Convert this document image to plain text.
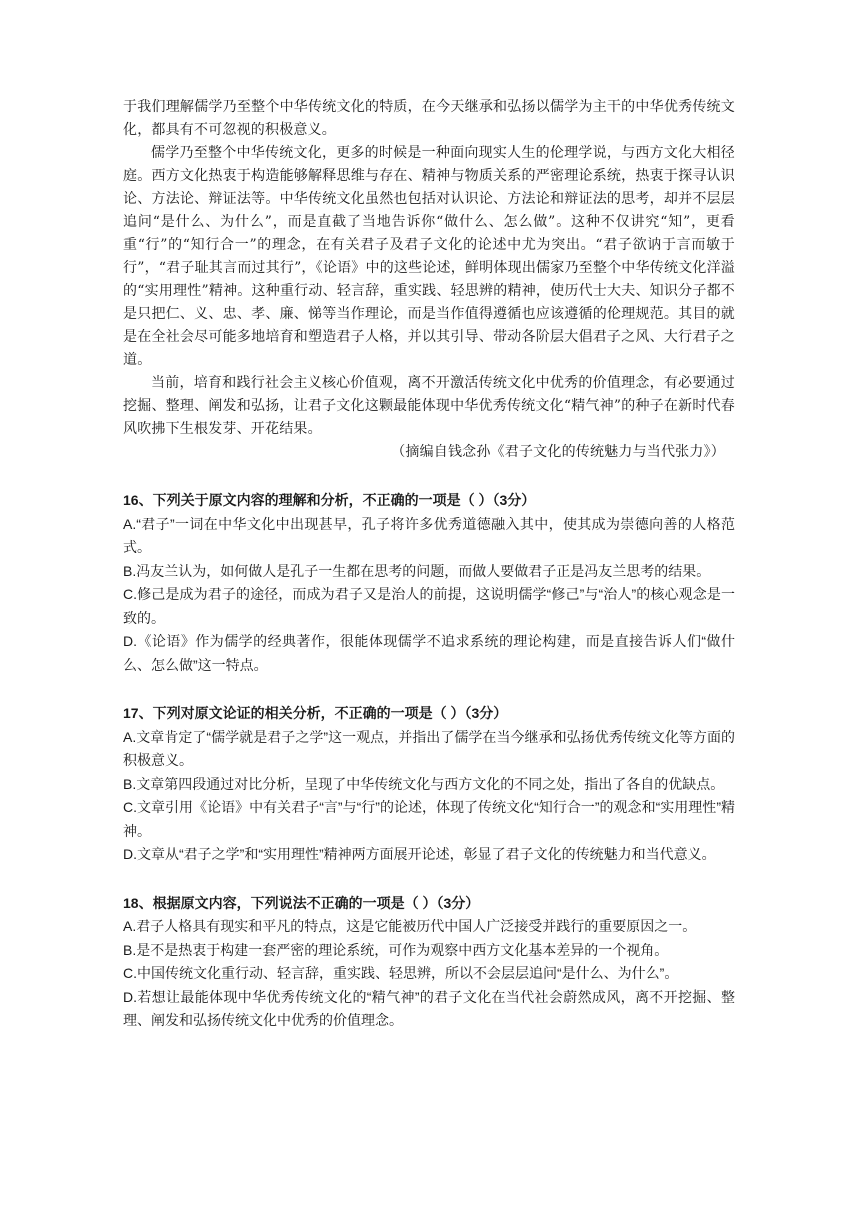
于我们理解儒学乃至整个中华传统文化的特质，在今天继承和弘扬以儒学为主干的中华优秀传统文化，都具有不可忽视的积极意义。

儒学乃至整个中华传统文化，更多的时候是一种面向现实人生的伦理学说，与西方文化大相径庭。西方文化热衷于构造能够解释思维与存在、精神与物质关系的严密理论系统，热衷于探寻认识论、方法论、辩证法等。中华传统文化虽然也包括对认识论、方法论和辩证法的思考，却并不层层追问“是什么、为什么”，而是直截了当地告诉你“做什么、怎么做”。这种不仅讲究“知”，更看重“行”的“知行合一”的理念，在有关君子及君子文化的论述中尤为突出。“君子欲讷于言而敏于行”，“君子耻其言而过其行”，《论语》中的这些论述，鲜明体现出儒家乃至整个中华传统文化洋溢的“实用理性”精神。这种重行动、轻言辞，重实践、轻思辨的精神，使历代士大夫、知识分子都不是只把仁、义、忠、孝、廉、悌等当作理论，而是当作值得遵循也应该遵循的伦理规范。其目的就是在全社会尽可能多地培育和塑造君子人格，并以其引导、带动各阶层大倡君子之风、大行君子之道。

当前，培育和践行社会主义核心价值观，离不开激活传统文化中优秀的价值理念，有必要通过挖掘、整理、阐发和弘扬，让君子文化这颗最能体现中华优秀传统文化“精气神”的种子在新时代春风吹拂下生根发芽、开花结果。

（摘编自钱念孙《君子文化的传统魅力与当代张力》）

16、下列关于原文内容的理解和分析，不正确的一项是（ ）（3分）

A.“君子”一词在中华文化中出现甚早，孔子将许多优秀道德融入其中，使其成为崇德向善的人格范式。

B.冯友兰认为，如何做人是孔子一生都在思考的问题，而做人要做君子正是冯友兰思考的结果。

C.修己是成为君子的途径，而成为君子又是治人的前提，这说明儒学“修己”与“治人”的核心观念是一致的。

D.《论语》作为儒学的经典著作，很能体现儒学不追求系统的理论构建，而是直接告诉人们“做什么、怎么做”这一特点。

17、下列对原文论证的相关分析，不正确的一项是（ ）（3分）

A.文章肯定了“儒学就是君子之学”这一观点，并指出了儒学在当今继承和弘扬优秀传统文化等方面的积极意义。

B.文章第四段通过对比分析，呈现了中华传统文化与西方文化的不同之处，指出了各自的优缺点。

C.文章引用《论语》中有关君子“言”与“行”的论述，体现了传统文化“知行合一”的观念和“实用理性”精神。

D.文章从“君子之学”和“实用理性”精神两方面展开论述，彰显了君子文化的传统魅力和当代意义。

18、根据原文内容，下列说法不正确的一项是（ ）（3分）

A.君子人格具有现实和平凡的特点，这是它能被历代中国人广泛接受并践行的重要原因之一。

B.是不是热衷于构建一套严密的理论系统，可作为观察中西方文化基本差异的一个视角。

C.中国传统文化重行动、轻言辞，重实践、轻思辨，所以不会层层追问“是什么、为什么”。

D.若想让最能体现中华优秀传统文化的“精气神”的君子文化在当代社会蔚然成风，离不开挖掘、整理、阐发和弘扬传统文化中优秀的价值理念。
